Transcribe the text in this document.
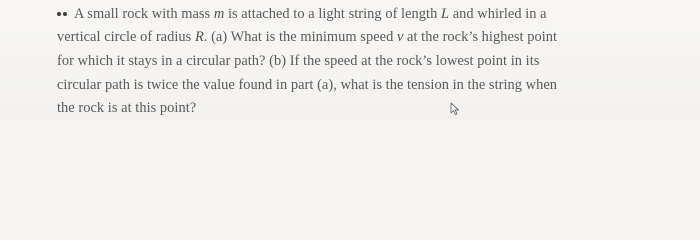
A small rock with mass m is attached to a light string of length L and whirled in a
vertical circle of radius R. (a) What is the minimum speed v at the rock’s highest point
for which it stays in a circular path? (b) If the speed at the rock’s lowest point in its
circular path is twice the value found in part (a), what is the tension in the string when
the rock is at this point?
